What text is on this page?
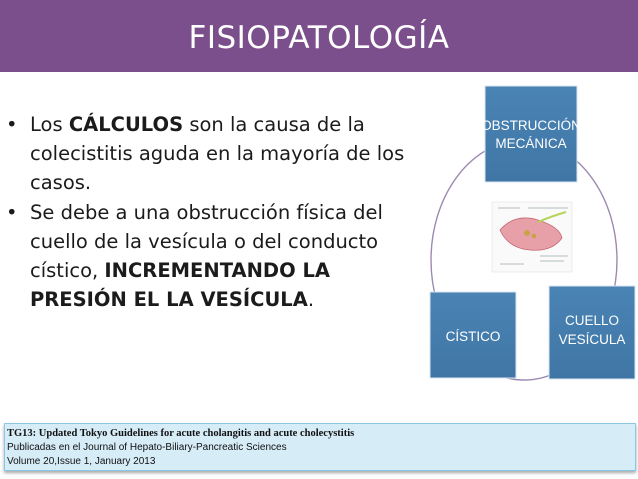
FISIOPATOLOGÍA
• Los CÁLCULOS son la causa de la colecistitis aguda en la mayoría de los casos.
• Se debe a una obstrucción física del cuello de la vesícula o del conducto cístico, INCREMENTANDO LA PRESIÓN EL LA VESÍCULA.
OBSTRUCCIÓN
MECÁNICA
CÍSTICO
CUELLO
VESÍCULA
TG13: Updated Tokyo Guidelines for acute cholangitis and acute cholecystitis
Publicadas en el Journal of Hepato-Biliary-Pancreatic Sciences
Volume 20,Issue 1, January 2013
